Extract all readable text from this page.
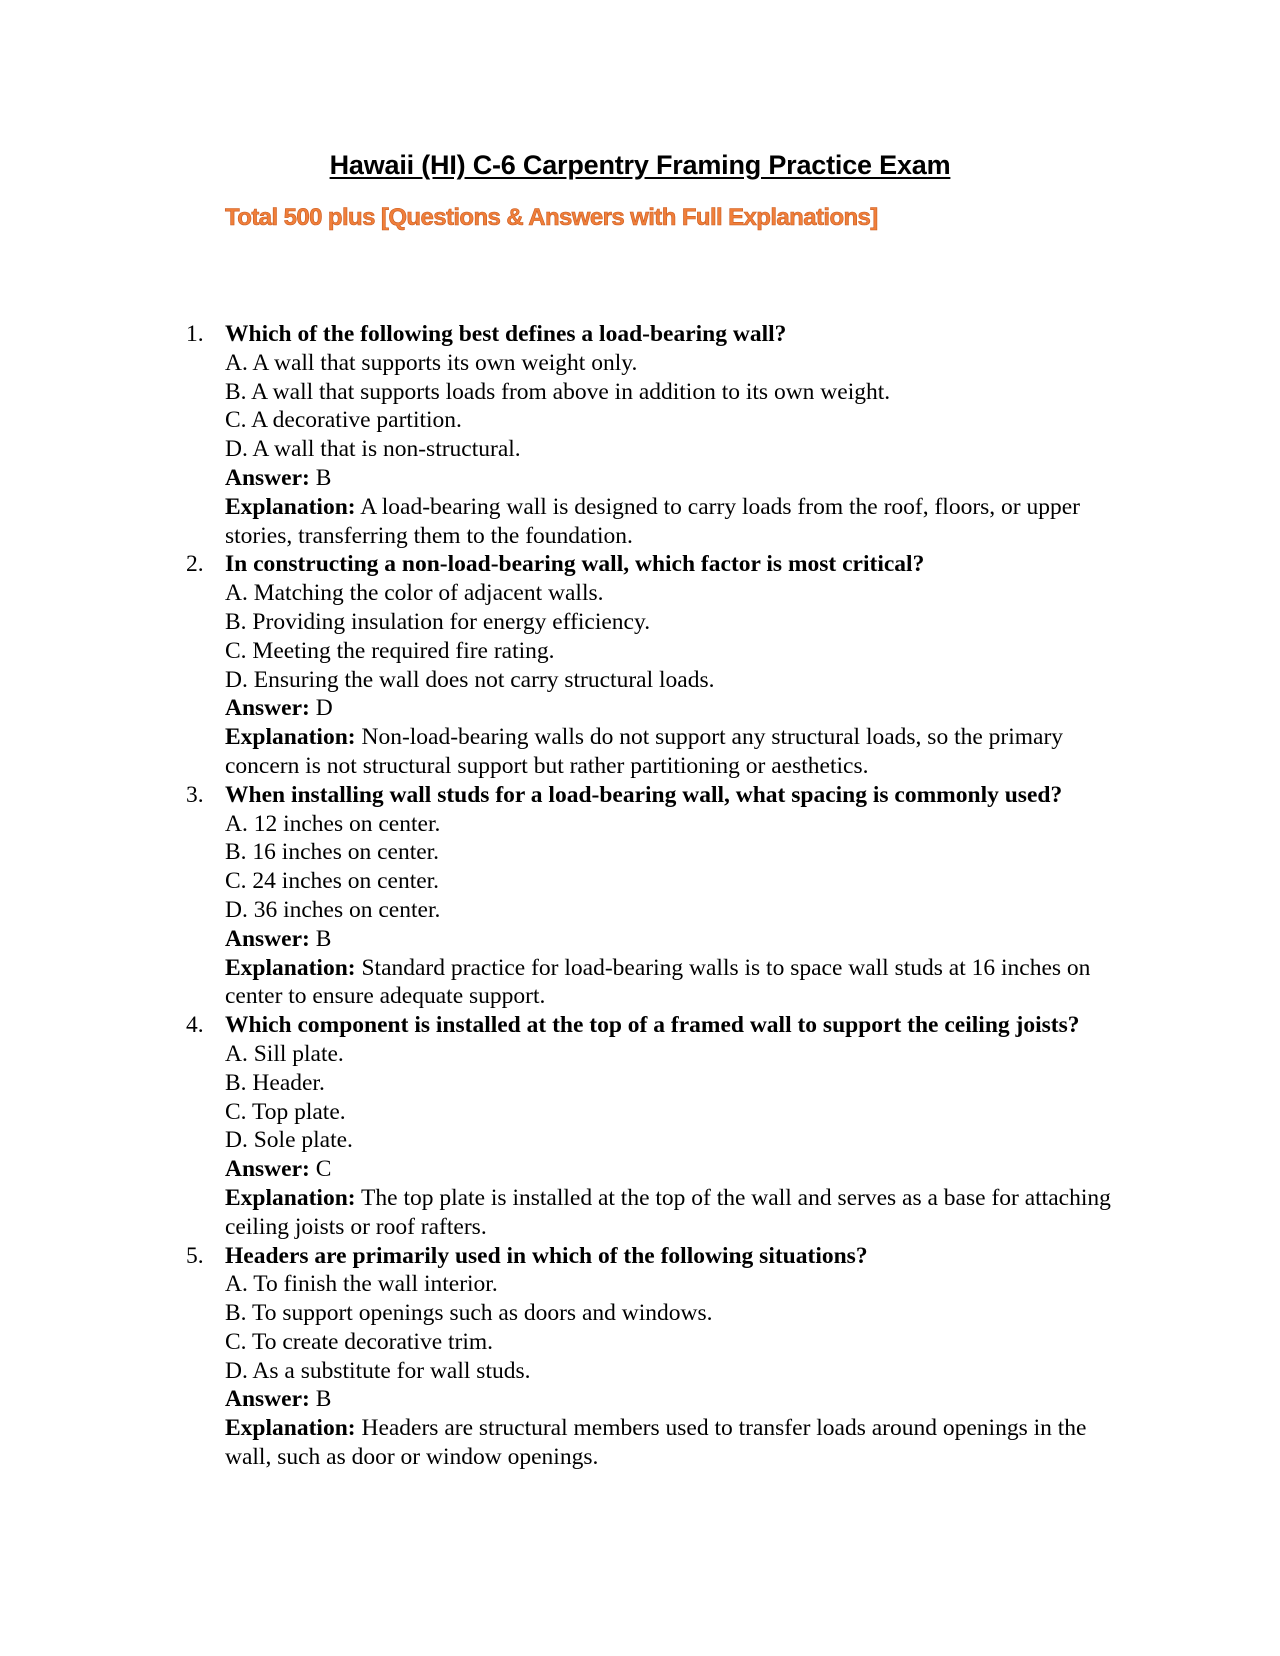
Hawaii (HI) C-6 Carpentry Framing Practice Exam
Total 500 plus [Questions & Answers with Full Explanations]
1. Which of the following best defines a load-bearing wall?
A. A wall that supports its own weight only.
B. A wall that supports loads from above in addition to its own weight.
C. A decorative partition.
D. A wall that is non-structural.
Answer: B
Explanation: A load-bearing wall is designed to carry loads from the roof, floors, or upper stories, transferring them to the foundation.
2. In constructing a non-load-bearing wall, which factor is most critical?
A. Matching the color of adjacent walls.
B. Providing insulation for energy efficiency.
C. Meeting the required fire rating.
D. Ensuring the wall does not carry structural loads.
Answer: D
Explanation: Non-load-bearing walls do not support any structural loads, so the primary concern is not structural support but rather partitioning or aesthetics.
3. When installing wall studs for a load-bearing wall, what spacing is commonly used?
A. 12 inches on center.
B. 16 inches on center.
C. 24 inches on center.
D. 36 inches on center.
Answer: B
Explanation: Standard practice for load-bearing walls is to space wall studs at 16 inches on center to ensure adequate support.
4. Which component is installed at the top of a framed wall to support the ceiling joists?
A. Sill plate.
B. Header.
C. Top plate.
D. Sole plate.
Answer: C
Explanation: The top plate is installed at the top of the wall and serves as a base for attaching ceiling joists or roof rafters.
5. Headers are primarily used in which of the following situations?
A. To finish the wall interior.
B. To support openings such as doors and windows.
C. To create decorative trim.
D. As a substitute for wall studs.
Answer: B
Explanation: Headers are structural members used to transfer loads around openings in the wall, such as door or window openings.
